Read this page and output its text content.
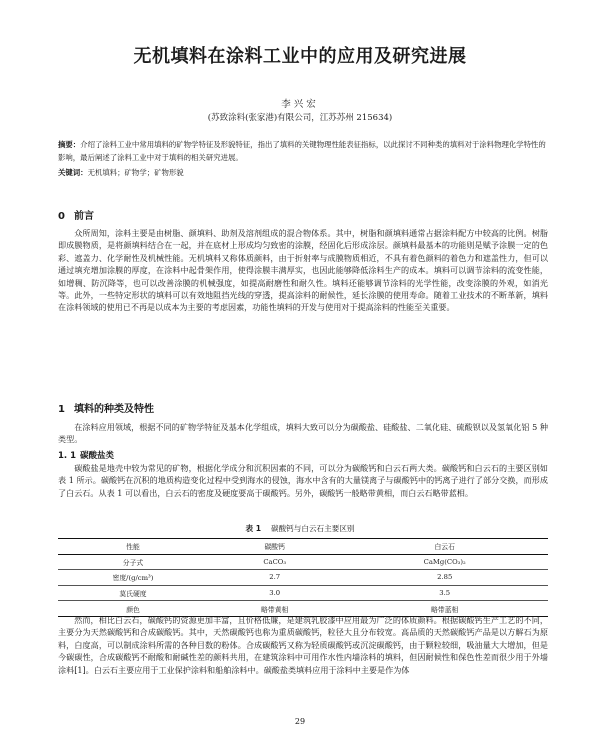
无机填料在涂料工业中的应用及研究进展
李兴宏
(苏致涂料(张家港)有限公司，江苏苏州 215634)
摘要：介绍了涂料工业中常用填料的矿物学特征及形貌特征，指出了填料的关键物理性能表征指标，以此探讨不同种类的填料对于涂料物理化学特性的影响，最后阐述了涂料工业中对于填料的相关研究进展。
关键词：无机填料；矿物学；矿物形貌
0 前言
众所周知，涂料主要是由树脂、颜填料、助剂及溶剂组成的混合物体系。其中，树脂和颜填料通常占据涂料配方中较高的比例。树脂即成膜物质，是将颜填料结合在一起，并在底材上形成均匀致密的涂膜，经固化后形成涂层。颜填料最基本的功能则是赋予涂膜一定的色彩、遮盖力、化学耐性及机械性能。无机填料又称体质颜料，由于折射率与成膜物质相近，不具有着色颜料的着色力和遮盖性力，但可以通过填充增加涂膜的厚度，在涂料中起骨架作用，使得涂膜丰满厚实，也因此能够降低涂料生产的成本。填料可以调节涂料的流变性能，如增稠、防沉降等，也可以改善涂膜的机械强度，如提高耐磨性和耐久性。填料还能够调节涂料的光学性能，改变涂膜的外观，如消光等。此外，一些特定形状的填料可以有效地阻挡光线的穿透，提高涂料的耐候性，延长涂膜的使用寿命。随着工业技术的不断革新，填料在涂料领域的使用已不再是以成本为主要的考虑因素，功能性填料的开发与使用对于提高涂料的性能至关重要。
1 填料的种类及特性
在涂料应用领域，根据不同的矿物学特征及基本化学组成，填料大致可以分为碳酸盐、硅酸盐、二氧化硅、硫酸钡以及氢氧化铝 5 种类型。
1. 1 碳酸盐类
碳酸盐是地壳中较为常见的矿物，根据化学成分和沉积因素的不同，可以分为碳酸钙和白云石两大类。碳酸钙和白云石的主要区别如表 1 所示。碳酸钙在沉积的地质构造变化过程中受到海水的侵蚀，海水中含有的大量镁离子与碳酸钙中的钙离子进行了部分交换，而形成了白云石。从表 1 可以看出，白云石的密度及硬度要高于碳酸钙。另外，碳酸钙一般略带黄相，而白云石略带蓝相。
表 1 碳酸钙与白云石主要区别
性能	碳酸钙	白云石
分子式	CaCO₃	CaMg(CO₃)₂
密度/(g/cm³)	2.7	2.85
莫氏硬度	3.0	3.5
颜色	略带黄相	略带蓝相
然而，相比白云石，碳酸钙的资源更加丰富，且价格低廉，是建筑乳胶漆中应用最为广泛的体质颜料。根据碳酸钙生产工艺的不同，主要分为天然碳酸钙和合成碳酸钙。其中，天然碳酸钙也称为重质碳酸钙，粒径大且分布较宽。高品质的天然碳酸钙产品是以方解石为原料，白度高，可以制成涂料所需的各种目数的粉体。合成碳酸钙又称为轻质碳酸钙或沉淀碳酸钙，由于颗粒较细，吸油量大大增加，但是今碳碳性，合成碳酸钙不耐酸和耐碱性差的颜料共用，在建筑涂料中可用作水性内墙涂料的填料，但因耐候性和保色性差而很少用于外墙涂料[1]。白云石主要应用于工业保护涂料和船舶涂料中。碳酸盐类填料应用于涂料中主要是作为体
29
